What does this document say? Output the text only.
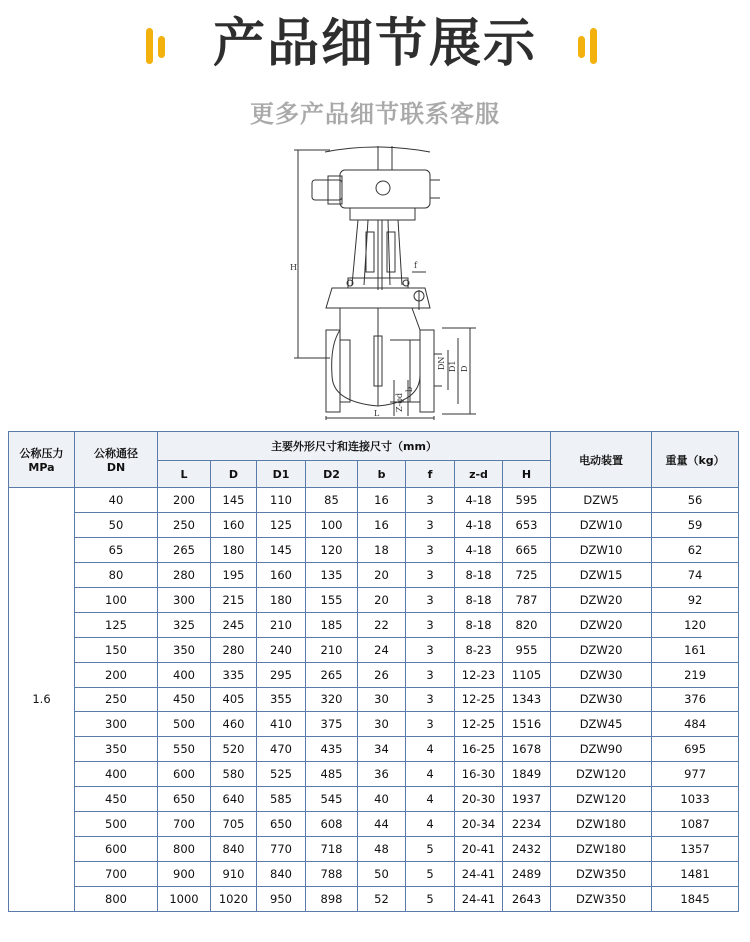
产品细节展示
更多产品细节联系客服
H
L
DN D1 D
f
b
Z-φd
公称压力
MPa	公称通径
DN	主要外形尺寸和连接尺寸（mm）								电动装置	重量（kg）
		L	D	D1	D2	b	f	z-d	H		
1.6	40	200	145	110	85	16	3	4-18	595	DZW5	56
	50	250	160	125	100	16	3	4-18	653	DZW10	59
	65	265	180	145	120	18	3	4-18	665	DZW10	62
	80	280	195	160	135	20	3	8-18	725	DZW15	74
	100	300	215	180	155	20	3	8-18	787	DZW20	92
	125	325	245	210	185	22	3	8-18	820	DZW20	120
	150	350	280	240	210	24	3	8-23	955	DZW20	161
	200	400	335	295	265	26	3	12-23	1105	DZW30	219
	250	450	405	355	320	30	3	12-25	1343	DZW30	376
	300	500	460	410	375	30	3	12-25	1516	DZW45	484
	350	550	520	470	435	34	4	16-25	1678	DZW90	695
	400	600	580	525	485	36	4	16-30	1849	DZW120	977
	450	650	640	585	545	40	4	20-30	1937	DZW120	1033
	500	700	705	650	608	44	4	20-34	2234	DZW180	1087
	600	800	840	770	718	48	5	20-41	2432	DZW180	1357
	700	900	910	840	788	50	5	24-41	2489	DZW350	1481
	800	1000	1020	950	898	52	5	24-41	2643	DZW350	1845
